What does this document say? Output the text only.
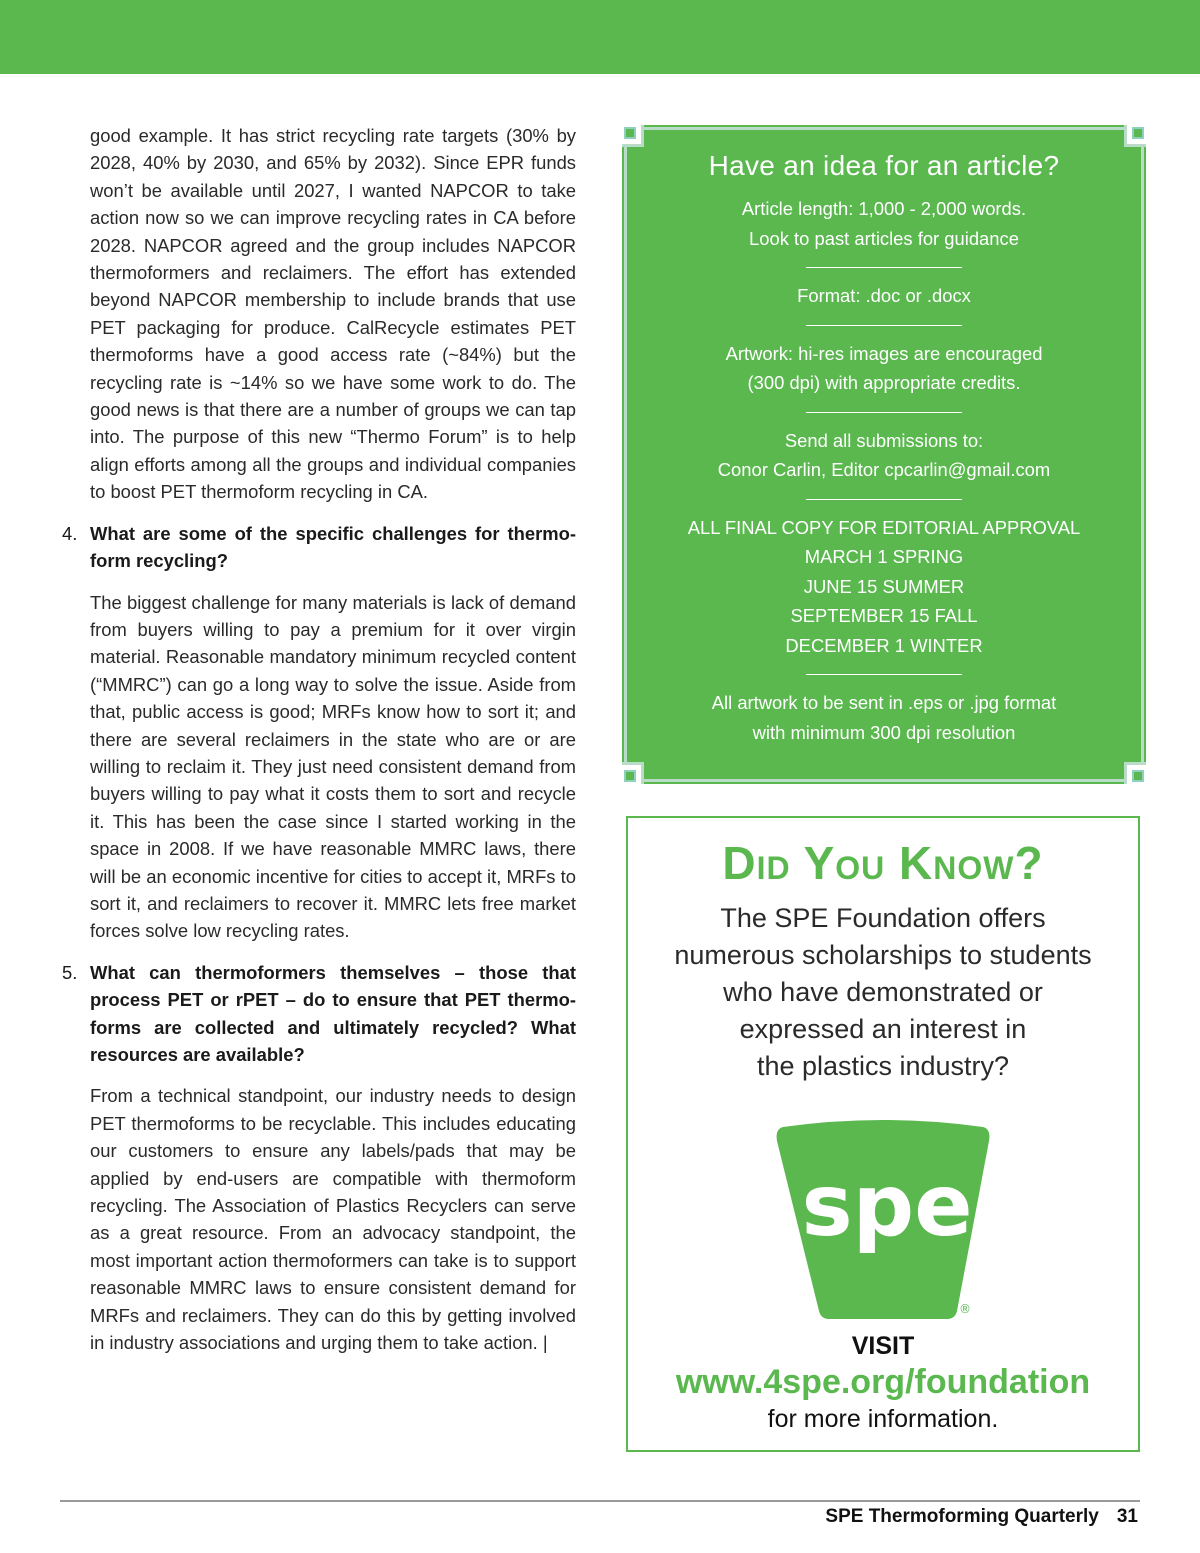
good example. It has strict recycling rate targets (30% by 2028, 40% by 2030, and 65% by 2032). Since EPR funds won’t be available until 2027, I wanted NAPCOR to take action now so we can improve recycling rates in CA before 2028. NAPCOR agreed and the group includes NAPCOR thermoformers and reclaimers. The effort has extended beyond NAPCOR membership to include brands that use PET packaging for produce. CalRecycle estimates PET thermoforms have a good access rate (~84%) but the recycling rate is ~14% so we have some work to do. The good news is that there are a number of groups we can tap into. The purpose of this new “Thermo Forum” is to help align efforts among all the groups and individual companies to boost PET thermoform recycling in CA.

4. What are some of the specific challenges for thermoform recycling?

The biggest challenge for many materials is lack of demand from buyers willing to pay a premium for it over virgin material. Reasonable mandatory minimum recycled content (“MMRC”) can go a long way to solve the issue. Aside from that, public access is good; MRFs know how to sort it; and there are several reclaimers in the state who are or are willing to reclaim it. They just need consistent demand from buyers willing to pay what it costs them to sort and recycle it. This has been the case since I started working in the space in 2008. If we have reasonable MMRC laws, there will be an economic incentive for cities to accept it, MRFs to sort it, and reclaimers to recover it. MMRC lets free market forces solve low recycling rates.

5. What can thermoformers themselves – those that process PET or rPET – do to ensure that PET thermoforms are collected and ultimately recycled? What resources are available?

From a technical standpoint, our industry needs to design PET thermoforms to be recyclable. This includes educating our customers to ensure any labels/pads that may be applied by end-users are compatible with thermoform recycling. The Association of Plastics Recyclers can serve as a great resource. From an advocacy standpoint, the most important action thermoformers can take is to support reasonable MMRC laws to ensure consistent demand for MRFs and reclaimers. They can do this by getting involved in industry associations and urging them to take action. |

Have an idea for an article?
Article length: 1,000 - 2,000 words.
Look to past articles for guidance
Format: .doc or .docx
Artwork: hi-res images are encouraged
(300 dpi) with appropriate credits.
Send all submissions to:
Conor Carlin, Editor cpcarlin@gmail.com
ALL FINAL COPY FOR EDITORIAL APPROVAL
MARCH 1 SPRING
JUNE 15 SUMMER
SEPTEMBER 15 FALL
DECEMBER 1 WINTER
All artwork to be sent in .eps or .jpg format
with minimum 300 dpi resolution
Did You Know?
The SPE Foundation offers
numerous scholarships to students
who have demonstrated or
expressed an interest in
the plastics industry?
spe
®
VISIT
www.4spe.org/foundation
for more information.
SPE Thermoforming Quarterly 31
